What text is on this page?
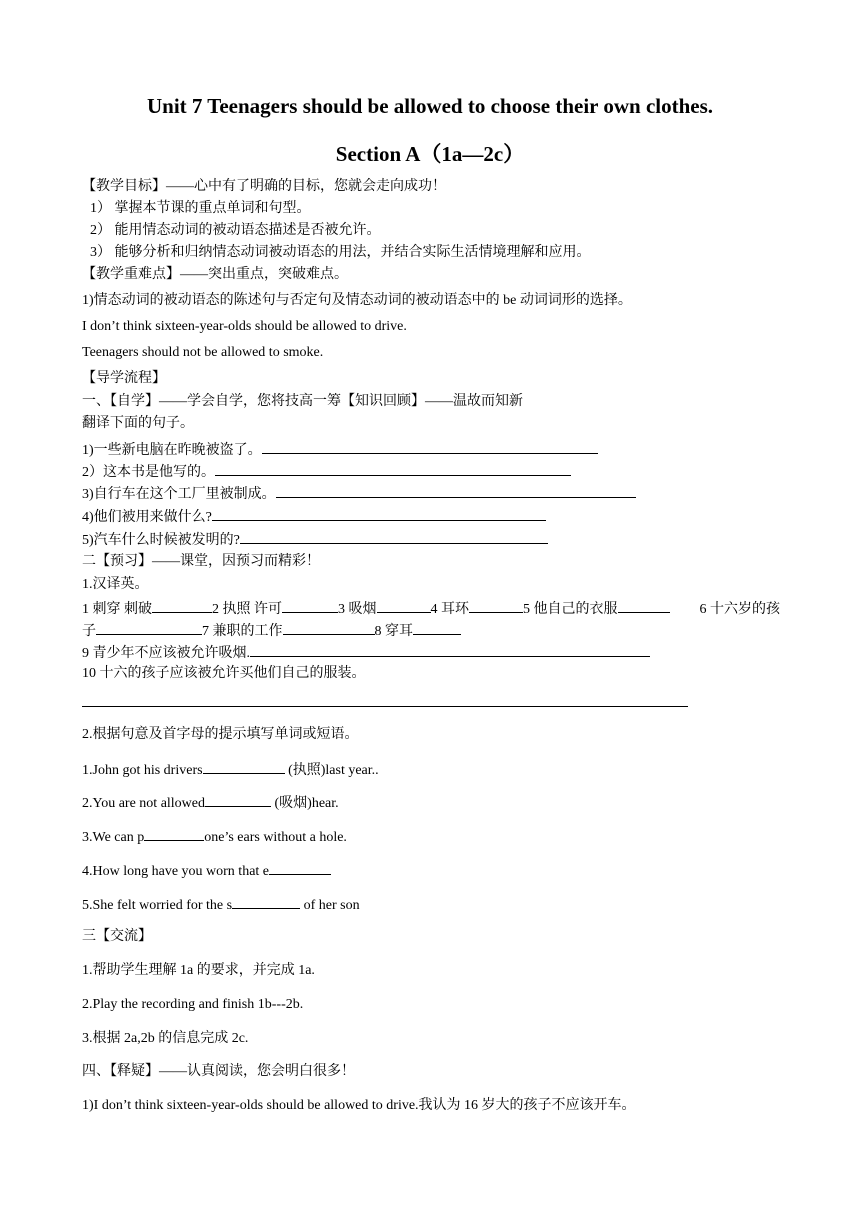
Unit 7 Teenagers should be allowed to choose their own clothes.
Section A（1a—2c）
【教学目标】——心中有了明确的目标，您就会走向成功！
1） 掌握本节课的重点单词和句型。
2） 能用情态动词的被动语态描述是否被允许。
3） 能够分析和归纳情态动词被动语态的用法，并结合实际生活情境理解和应用。
【教学重难点】——突出重点，突破难点。
1)情态动词的被动语态的陈述句与否定句及情态动词的被动语态中的 be 动词词形的选择。
I don’t think sixteen-year-olds should be allowed to drive.
Teenagers should not be allowed to smoke.
【导学流程】
一、【自学】——学会自学，您将技高一筹【知识回顾】——温故而知新
翻译下面的句子。
1)一些新电脑在昨晚被盗了。
2）这本书是他写的。
3)自行车在这个工厂里被制成。
4)他们被用来做什么?
5)汽车什么时候被发明的?
二【预习】——课堂，因预习而精彩！
1.汉译英。
1 刺穿 刺破	2 执照 许可	3 吸烟	4 耳环	5 他自己的衣服	6 十六岁的孩
子	7 兼职的工作	8 穿耳
9 青少年不应该被允许吸烟.
10 十六的孩子应该被允许买他们自己的服装。
2.根据句意及首字母的提示填写单词或短语。
1.John got his drivers	(执照)last year..
2.You are not allowed	(吸烟)hear.
3.We can p	one’s ears without a hole.
4.How long have you worn that e
5.She felt worried for the s	of her son
三【交流】
1.帮助学生理解 1a 的要求，并完成 1a.
2.Play the recording and finish 1b---2b.
3.根据 2a,2b 的信息完成 2c.
四、【释疑】——认真阅读，您会明白很多！
1)I don’t think sixteen-year-olds should be allowed to drive.我认为 16 岁大的孩子不应该开车。
